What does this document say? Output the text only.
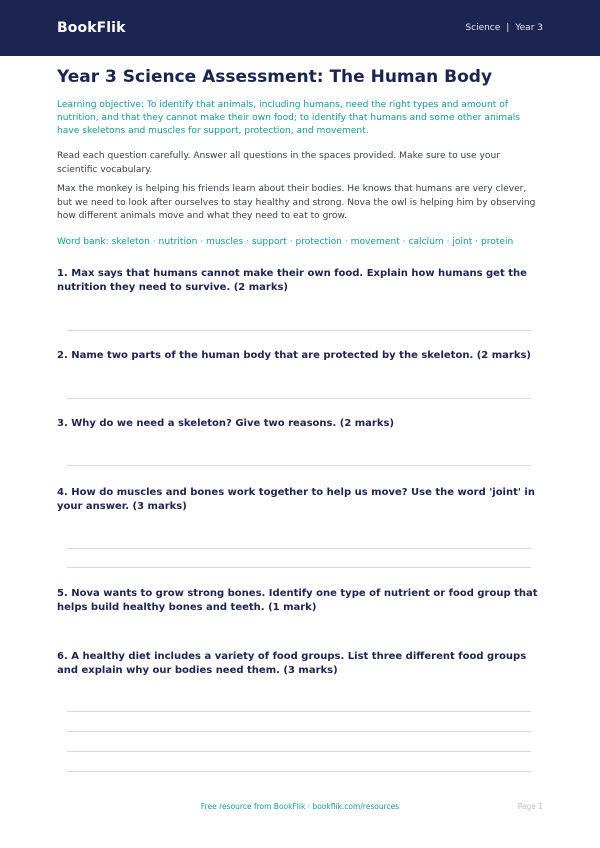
BookFlik	Science | Year 3
Year 3 Science Assessment: The Human Body

Learning objective: To identify that animals, including humans, need the right types and amount of nutrition, and that they cannot make their own food; to identify that humans and some other animals have skeletons and muscles for support, protection, and movement.

Read each question carefully. Answer all questions in the spaces provided. Make sure to use your scientific vocabulary.

Max the monkey is helping his friends learn about their bodies. He knows that humans are very clever, but we need to look after ourselves to stay healthy and strong. Nova the owl is helping him by observing how different animals move and what they need to eat to grow.

Word bank: skeleton · nutrition · muscles · support · protection · movement · calcium · joint · protein

1. Max says that humans cannot make their own food. Explain how humans get the nutrition they need to survive. (2 marks)

2. Name two parts of the human body that are protected by the skeleton. (2 marks)

3. Why do we need a skeleton? Give two reasons. (2 marks)

4. How do muscles and bones work together to help us move? Use the word 'joint' in your answer. (3 marks)

5. Nova wants to grow strong bones. Identify one type of nutrient or food group that helps build healthy bones and teeth. (1 mark)

6. A healthy diet includes a variety of food groups. List three different food groups and explain why our bodies need them. (3 marks)

Free resource from BookFlik · bookflik.com/resources	Page 1
